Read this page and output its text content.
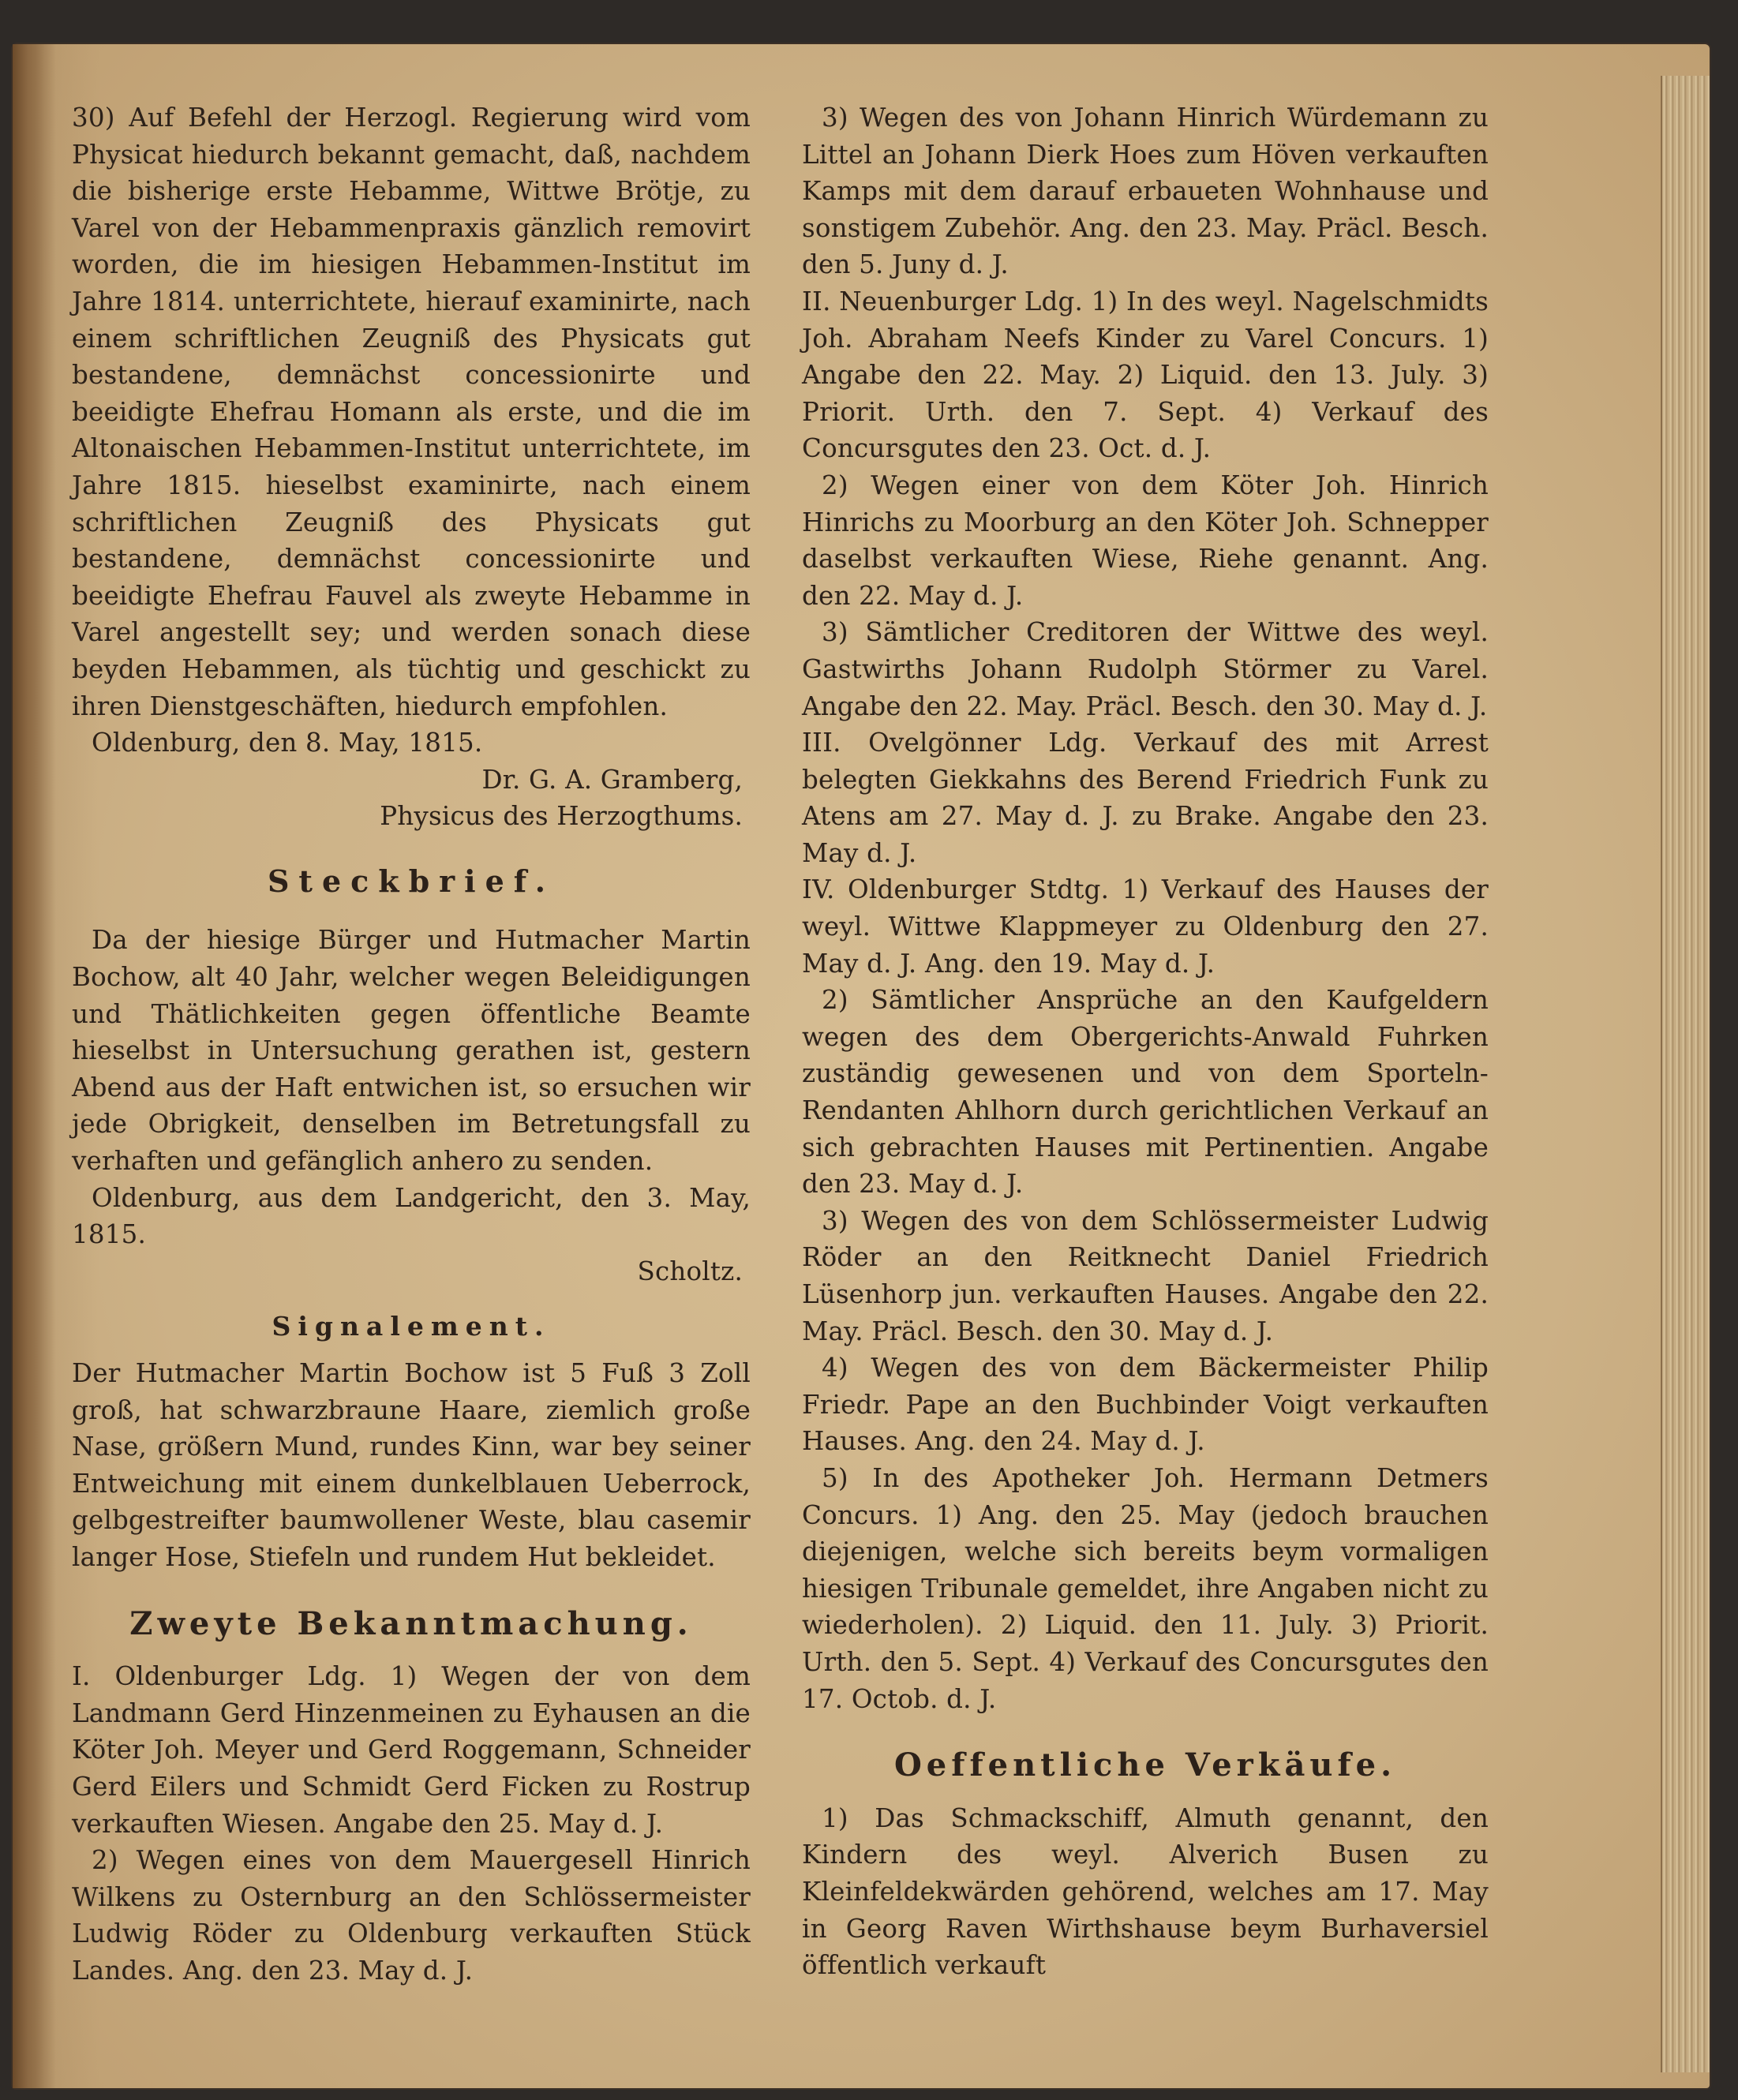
30) Auf Befehl der Herzogl. Regierung wird vom Physicat hiedurch bekannt gemacht, daß, nachdem die bisherige erste Hebamme, Wittwe Brötje, zu Varel von der Hebammenpraxis gänzlich removirt worden, die im hiesigen Hebammen-Institut im Jahre 1814. unterrichtete, hierauf examinirte, nach einem schriftlichen Zeugniß des Physicats gut bestandene, demnächst concessionirte und beeidigte Ehefrau Homann als erste, und die im Altonaischen Hebammen-Institut unterrichtete, im Jahre 1815. hieselbst examinirte, nach einem schriftlichen Zeugniß des Physicats gut bestandene, demnächst concessionirte und beeidigte Ehefrau Fauvel als zweyte Hebamme in Varel angestellt sey; und werden sonach diese beyden Hebammen, als tüchtig und geschickt zu ihren Dienstgeschäften, hiedurch empfohlen.

Oldenburg, den 8. May, 1815.

Dr. G. A. Gramberg,

Physicus des Herzogthums.

Steckbrief.

Da der hiesige Bürger und Hutmacher Martin Bochow, alt 40 Jahr, welcher wegen Beleidigungen und Thätlichkeiten gegen öffentliche Beamte hieselbst in Untersuchung gerathen ist, gestern Abend aus der Haft entwichen ist, so ersuchen wir jede Obrigkeit, denselben im Betretungsfall zu verhaften und gefänglich anhero zu senden.

Oldenburg, aus dem Landgericht, den 3. May, 1815.

Scholtz.

Signalement.

Der Hutmacher Martin Bochow ist 5 Fuß 3 Zoll groß, hat schwarzbraune Haare, ziemlich große Nase, größern Mund, rundes Kinn, war bey seiner Entweichung mit einem dunkelblauen Ueberrock, gelbgestreifter baumwollener Weste, blau casemir langer Hose, Stiefeln und rundem Hut bekleidet.

Zweyte Bekanntmachung.

I. Oldenburger Ldg. 1) Wegen der von dem Landmann Gerd Hinzenmeinen zu Eyhausen an die Köter Joh. Meyer und Gerd Roggemann, Schneider Gerd Eilers und Schmidt Gerd Ficken zu Rostrup verkauften Wiesen. Angabe den 25. May d. J.

2) Wegen eines von dem Mauergesell Hinrich Wilkens zu Osternburg an den Schlössermeister Ludwig Röder zu Oldenburg verkauften Stück Landes. Ang. den 23. May d. J.

3) Wegen des von Johann Hinrich Würdemann zu Littel an Johann Dierk Hoes zum Höven verkauften Kamps mit dem darauf erbaueten Wohnhause und sonstigem Zubehör. Ang. den 23. May. Präcl. Besch. den 5. Juny d. J.

II. Neuenburger Ldg. 1) In des weyl. Nagelschmidts Joh. Abraham Neefs Kinder zu Varel Concurs. 1) Angabe den 22. May. 2) Liquid. den 13. July. 3) Priorit. Urth. den 7. Sept. 4) Verkauf des Concursgutes den 23. Oct. d. J.

2) Wegen einer von dem Köter Joh. Hinrich Hinrichs zu Moorburg an den Köter Joh. Schnepper daselbst verkauften Wiese, Riehe genannt. Ang. den 22. May d. J.

3) Sämtlicher Creditoren der Wittwe des weyl. Gastwirths Johann Rudolph Störmer zu Varel. Angabe den 22. May. Präcl. Besch. den 30. May d. J.

III. Ovelgönner Ldg. Verkauf des mit Arrest belegten Giekkahns des Berend Friedrich Funk zu Atens am 27. May d. J. zu Brake. Angabe den 23. May d. J.

IV. Oldenburger Stdtg. 1) Verkauf des Hauses der weyl. Wittwe Klappmeyer zu Oldenburg den 27. May d. J. Ang. den 19. May d. J.

2) Sämtlicher Ansprüche an den Kaufgeldern wegen des dem Obergerichts-Anwald Fuhrken zuständig gewesenen und von dem Sporteln-Rendanten Ahlhorn durch gerichtlichen Verkauf an sich gebrachten Hauses mit Pertinentien. Angabe den 23. May d. J.

3) Wegen des von dem Schlössermeister Ludwig Röder an den Reitknecht Daniel Friedrich Lüsenhorp jun. verkauften Hauses. Angabe den 22. May. Präcl. Besch. den 30. May d. J.

4) Wegen des von dem Bäckermeister Philip Friedr. Pape an den Buchbinder Voigt verkauften Hauses. Ang. den 24. May d. J.

5) In des Apotheker Joh. Hermann Detmers Concurs. 1) Ang. den 25. May (jedoch brauchen diejenigen, welche sich bereits beym vormaligen hiesigen Tribunale gemeldet, ihre Angaben nicht zu wiederholen). 2) Liquid. den 11. July. 3) Priorit. Urth. den 5. Sept. 4) Verkauf des Concursgutes den 17. Octob. d. J.

Oeffentliche Verkäufe.

1) Das Schmackschiff, Almuth genannt, den Kindern des weyl. Alverich Busen zu Kleinfeldekwärden gehörend, welches am 17. May in Georg Raven Wirthshause beym Burhaversiel öffentlich verkauft
